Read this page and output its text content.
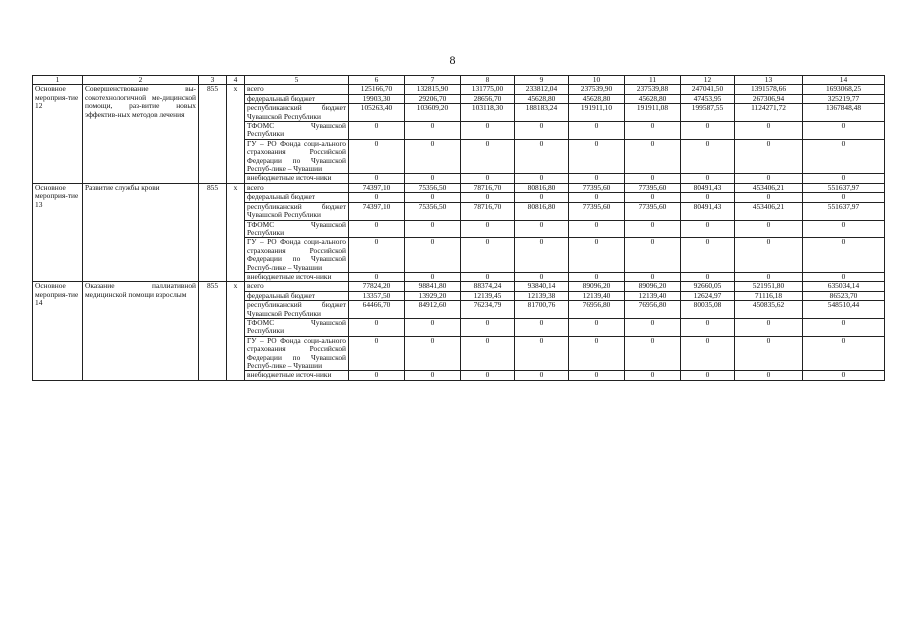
8
1	2	3	4	5	6	7	8	9	10	11	12	13	14
Основное мероприя-тие 12	Совершенствование вы-сокотехнологичной ме-дицинской помощи, раз-витие новых эффектив-ных методов лечения	855	х	всего	125166,70	132815,90	131775,00	233812,04	237539,90	237539,88	247041,50	1391578,66	1693068,25
				федеральный бюджет	19903,30	29206,70	28656,70	45628,80	45628,80	45628,80	47453,95	267306,94	325219,77
				республиканский бюджет Чувашской Республики	105263,40	103609,20	103118,30	188183,24	191911,10	191911,08	199587,55	1124271,72	1367848,48
				ТФОМС Чувашской Республики	0	0	0	0	0	0	0	0	0
				ГУ – РО Фонда соци-ального страхования Российской Федерации по Чувашской Респуб-лике – Чувашии	0	0	0	0	0	0	0	0	0
				внебюджетные источ-ники	0	0	0	0	0	0	0	0	0
Основное мероприя-тие 13	Развитие службы крови	855	х	всего	74397,10	75356,50	78716,70	80816,80	77395,60	77395,60	80491,43	453406,21	551637,97
				федеральный бюджет	0	0	0	0	0	0	0	0	0
				республиканский бюджет Чувашской Республики	74397,10	75356,50	78716,70	80816,80	77395,60	77395,60	80491,43	453406,21	551637,97
				ТФОМС Чувашской Республики	0	0	0	0	0	0	0	0	0
				ГУ – РО Фонда соци-ального страхования Российской Федерации по Чувашской Респуб-лике – Чувашии	0	0	0	0	0	0	0	0	0
				внебюджетные источ-ники	0	0	0	0	0	0	0	0	0
Основное мероприя-тие 14	Оказание паллиативной медицинской помощи взрослым	855	х	всего	77824,20	98841,80	88374,24	93840,14	89096,20	89096,20	92660,05	521951,80	635034,14
				федеральный бюджет	13357,50	13929,20	12139,45	12139,38	12139,40	12139,40	12624,97	71116,18	86523,70
				республиканский бюджет Чувашской Республики	64466,70	84912,60	76234,79	81700,76	76956,80	76956,80	80035,08	450835,62	548510,44
				ТФОМС Чувашской Республики	0	0	0	0	0	0	0	0	0
				ГУ – РО Фонда соци-ального страхования Российской Федерации по Чувашской Респуб-лике – Чувашии	0	0	0	0	0	0	0	0	0
				внебюджетные источ-ники	0	0	0	0	0	0	0	0	0
